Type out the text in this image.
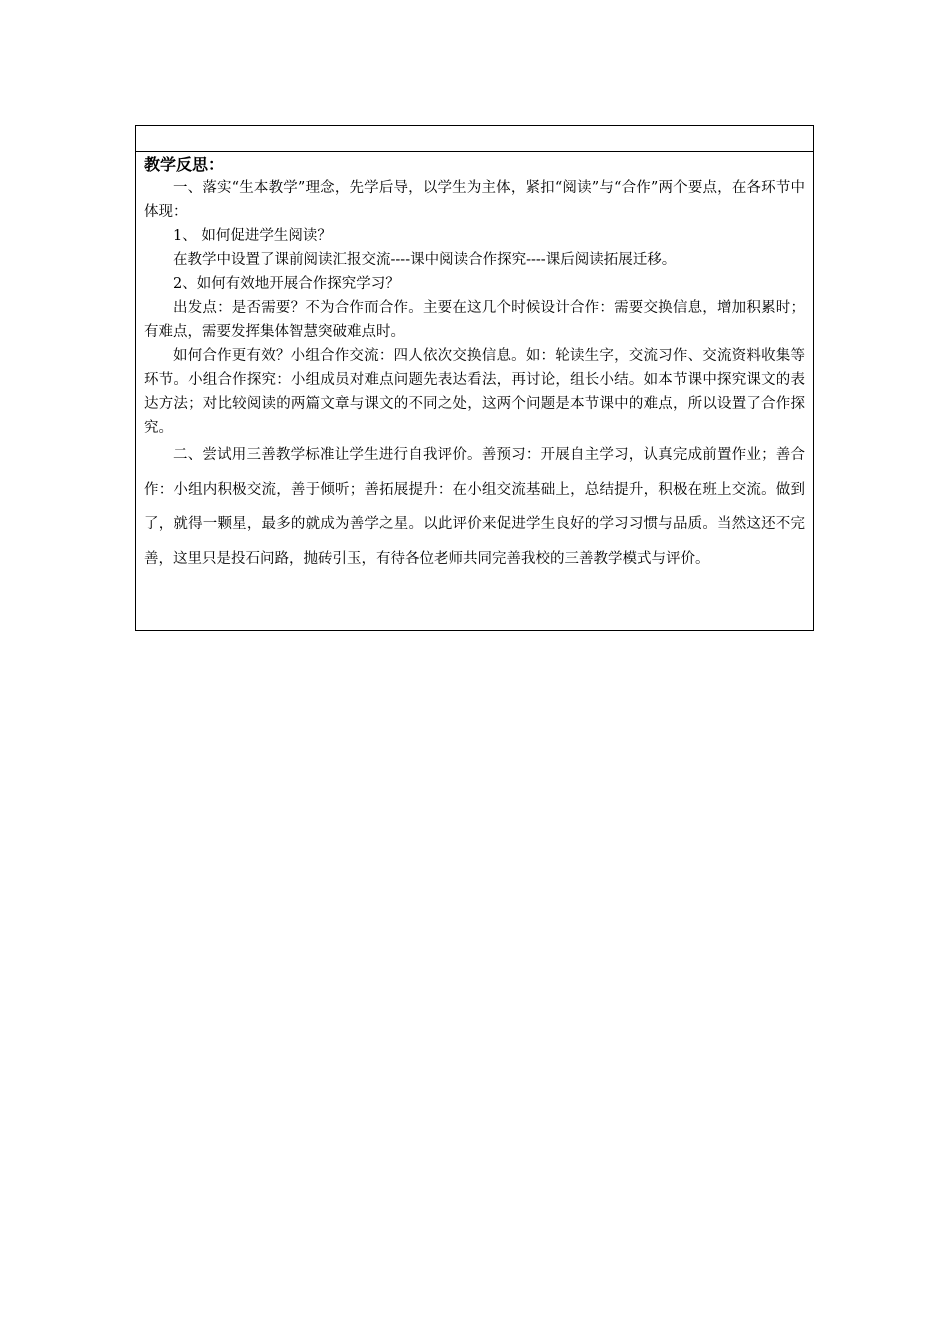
教学反思：

一、落实“生本教学”理念，先学后导，以学生为主体，紧扣“阅读”与“合作”两个要点，在各环节中体现：

1、 如何促进学生阅读？

在教学中设置了课前阅读汇报交流----课中阅读合作探究----课后阅读拓展迁移。

2、如何有效地开展合作探究学习？

出发点：是否需要？不为合作而合作。主要在这几个时候设计合作：需要交换信息，增加积累时；有难点，需要发挥集体智慧突破难点时。

如何合作更有效？小组合作交流：四人依次交换信息。如：轮读生字，交流习作、交流资料收集等环节。小组合作探究：小组成员对难点问题先表达看法，再讨论，组长小结。如本节课中探究课文的表达方法；对比较阅读的两篇文章与课文的不同之处，这两个问题是本节课中的难点，所以设置了合作探究。

二、尝试用三善教学标准让学生进行自我评价。善预习：开展自主学习，认真完成前置作业；善合作：小组内积极交流，善于倾听；善拓展提升：在小组交流基础上，总结提升，积极在班上交流。做到了，就得一颗星，最多的就成为善学之星。以此评价来促进学生良好的学习习惯与品质。当然这还不完善，这里只是投石问路，抛砖引玉，有待各位老师共同完善我校的三善教学模式与评价。
